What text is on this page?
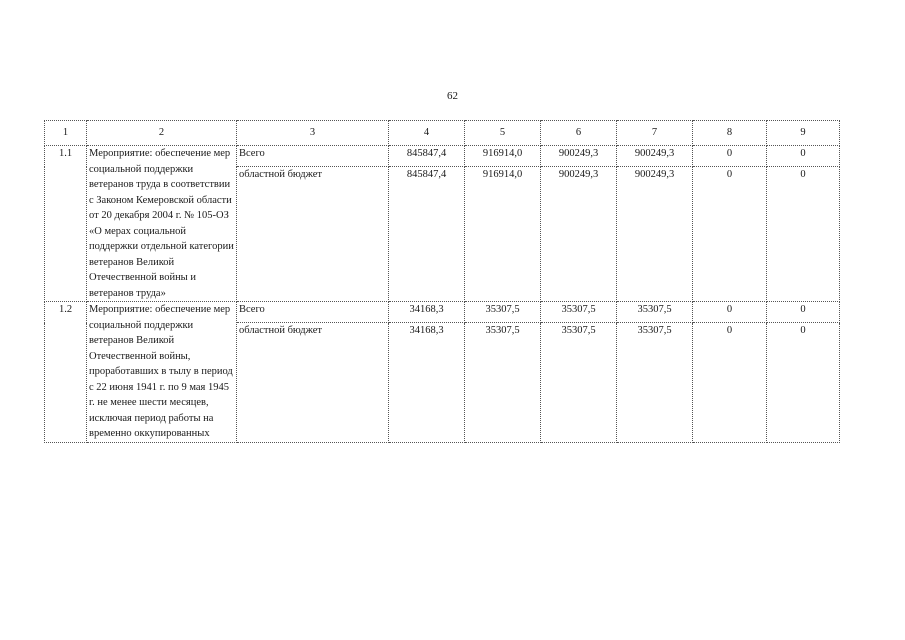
62
1	2	3	4	5	6	7	8	9
1.1	Мероприятие: обеспечение мер социальной поддержки ветеранов труда в соответствии с Законом Кемеровской области от 20 декабря 2004 г. № 105-ОЗ «О мерах социальной поддержки отдельной категории ветеранов Великой Отечественной войны и ветеранов труда»	Всего	845847,4	916914,0	900249,3	900249,3	0	0
		областной бюджет	845847,4	916914,0	900249,3	900249,3	0	0
1.2	Мероприятие: обеспечение мер социальной поддержки ветеранов Великой Отечественной войны, проработавших в тылу в период с 22 июня 1941 г. по 9 мая 1945 г. не менее шести месяцев, исключая период работы на временно оккупированных	Всего	34168,3	35307,5	35307,5	35307,5	0	0
		областной бюджет	34168,3	35307,5	35307,5	35307,5	0	0
